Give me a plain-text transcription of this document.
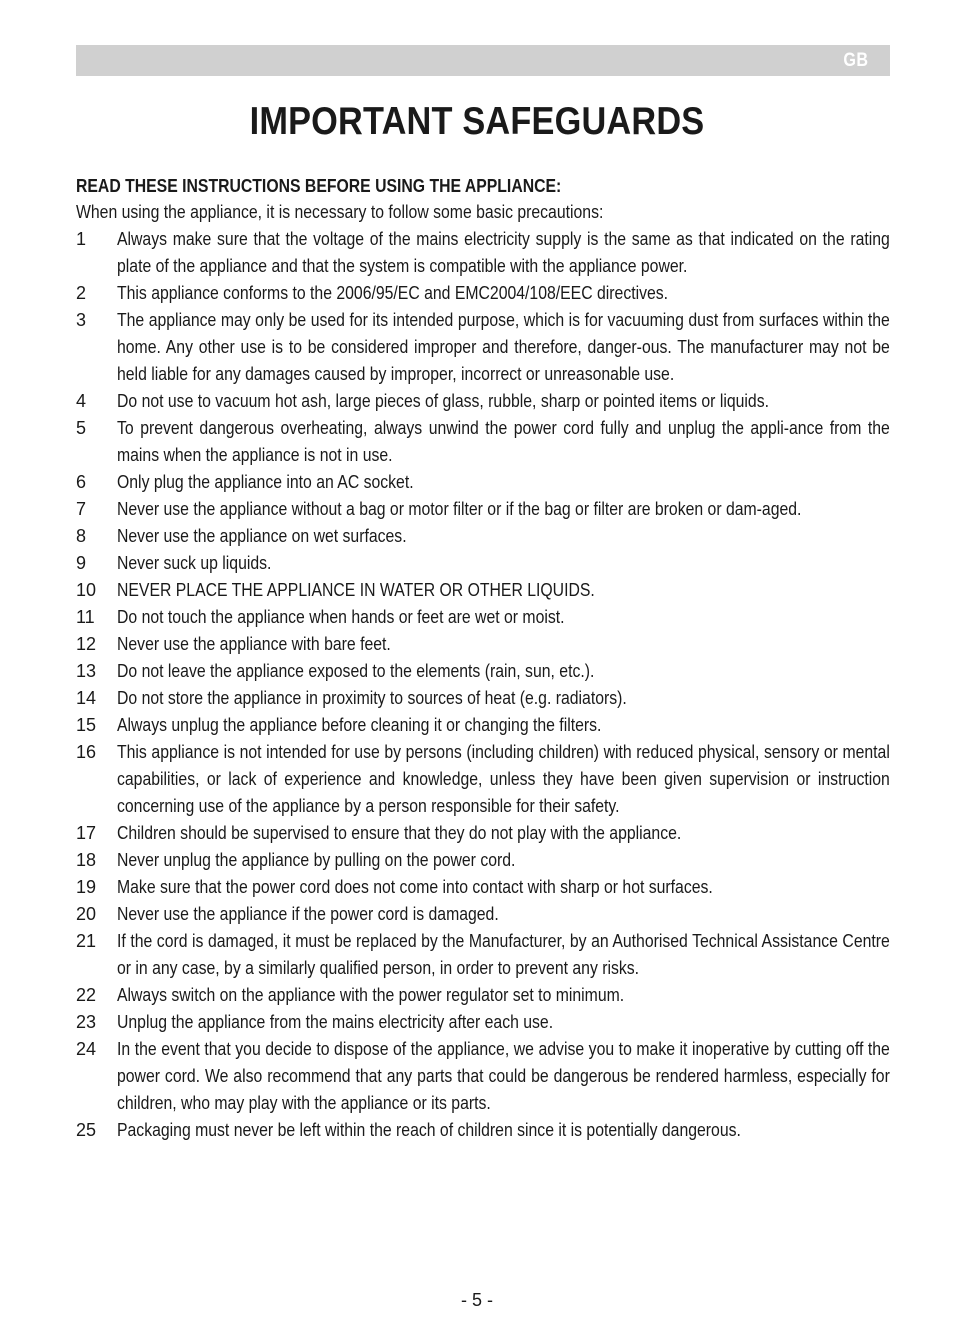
GB
IMPORTANT SAFEGUARDS
READ THESE INSTRUCTIONS BEFORE USING THE APPLIANCE:
When using the appliance, it is necessary to follow some basic precautions:
1	Always make sure that the voltage of the mains electricity supply is the same as that indicated on the rating plate of the appliance and that the system is compatible with the appliance power.
2	This appliance conforms to the 2006/95/EC and EMC2004/108/EEC directives.
3	The appliance may only be used for its intended purpose, which is for vacuuming dust from surfaces within the home. Any other use is to be considered improper and therefore, danger-ous. The manufacturer may not be held liable for any damages caused by improper, incorrect or unreasonable use.
4	Do not use to vacuum hot ash, large pieces of glass, rubble, sharp or pointed items or liquids.
5	To prevent dangerous overheating, always unwind the power cord fully and unplug the appli-ance from the mains when the appliance is not in use.
6	Only plug the appliance into an AC socket.
7	Never use the appliance without a bag or motor filter or if the bag or filter are broken or dam-aged.
8	Never use the appliance on wet surfaces.
9	Never suck up liquids.
10	NEVER PLACE THE APPLIANCE IN WATER OR OTHER LIQUIDS.
11	Do not touch the appliance when hands or feet are wet or moist.
12	Never use the appliance with bare feet.
13	Do not leave the appliance exposed to the elements (rain, sun, etc.).
14	Do not store the appliance in proximity to sources of heat (e.g. radiators).
15	Always unplug the appliance before cleaning it or changing the filters.
16	This appliance is not intended for use by persons (including children) with reduced physical, sensory or mental capabilities, or lack of experience and knowledge, unless they have been given supervision or instruction concerning use of the appliance by a person responsible for their safety.
17	Children should be supervised to ensure that they do not play with the appliance.
18	Never unplug the appliance by pulling on the power cord.
19	Make sure that the power cord does not come into contact with sharp or hot surfaces.
20	Never use the appliance if the power cord is damaged.
21	If the cord is damaged, it must be replaced by the Manufacturer, by an Authorised Technical Assistance Centre or in any case, by a similarly qualified person, in order to prevent any risks.
22	Always switch on the appliance with the power regulator set to minimum.
23	Unplug the appliance from the mains electricity after each use.
24	In the event that you decide to dispose of the appliance, we advise you to make it inoperative by cutting off the power cord. We also recommend that any parts that could be dangerous be rendered harmless, especially for children, who may play with the appliance or its parts.
25	Packaging must never be left within the reach of children since it is potentially dangerous.
- 5 -
